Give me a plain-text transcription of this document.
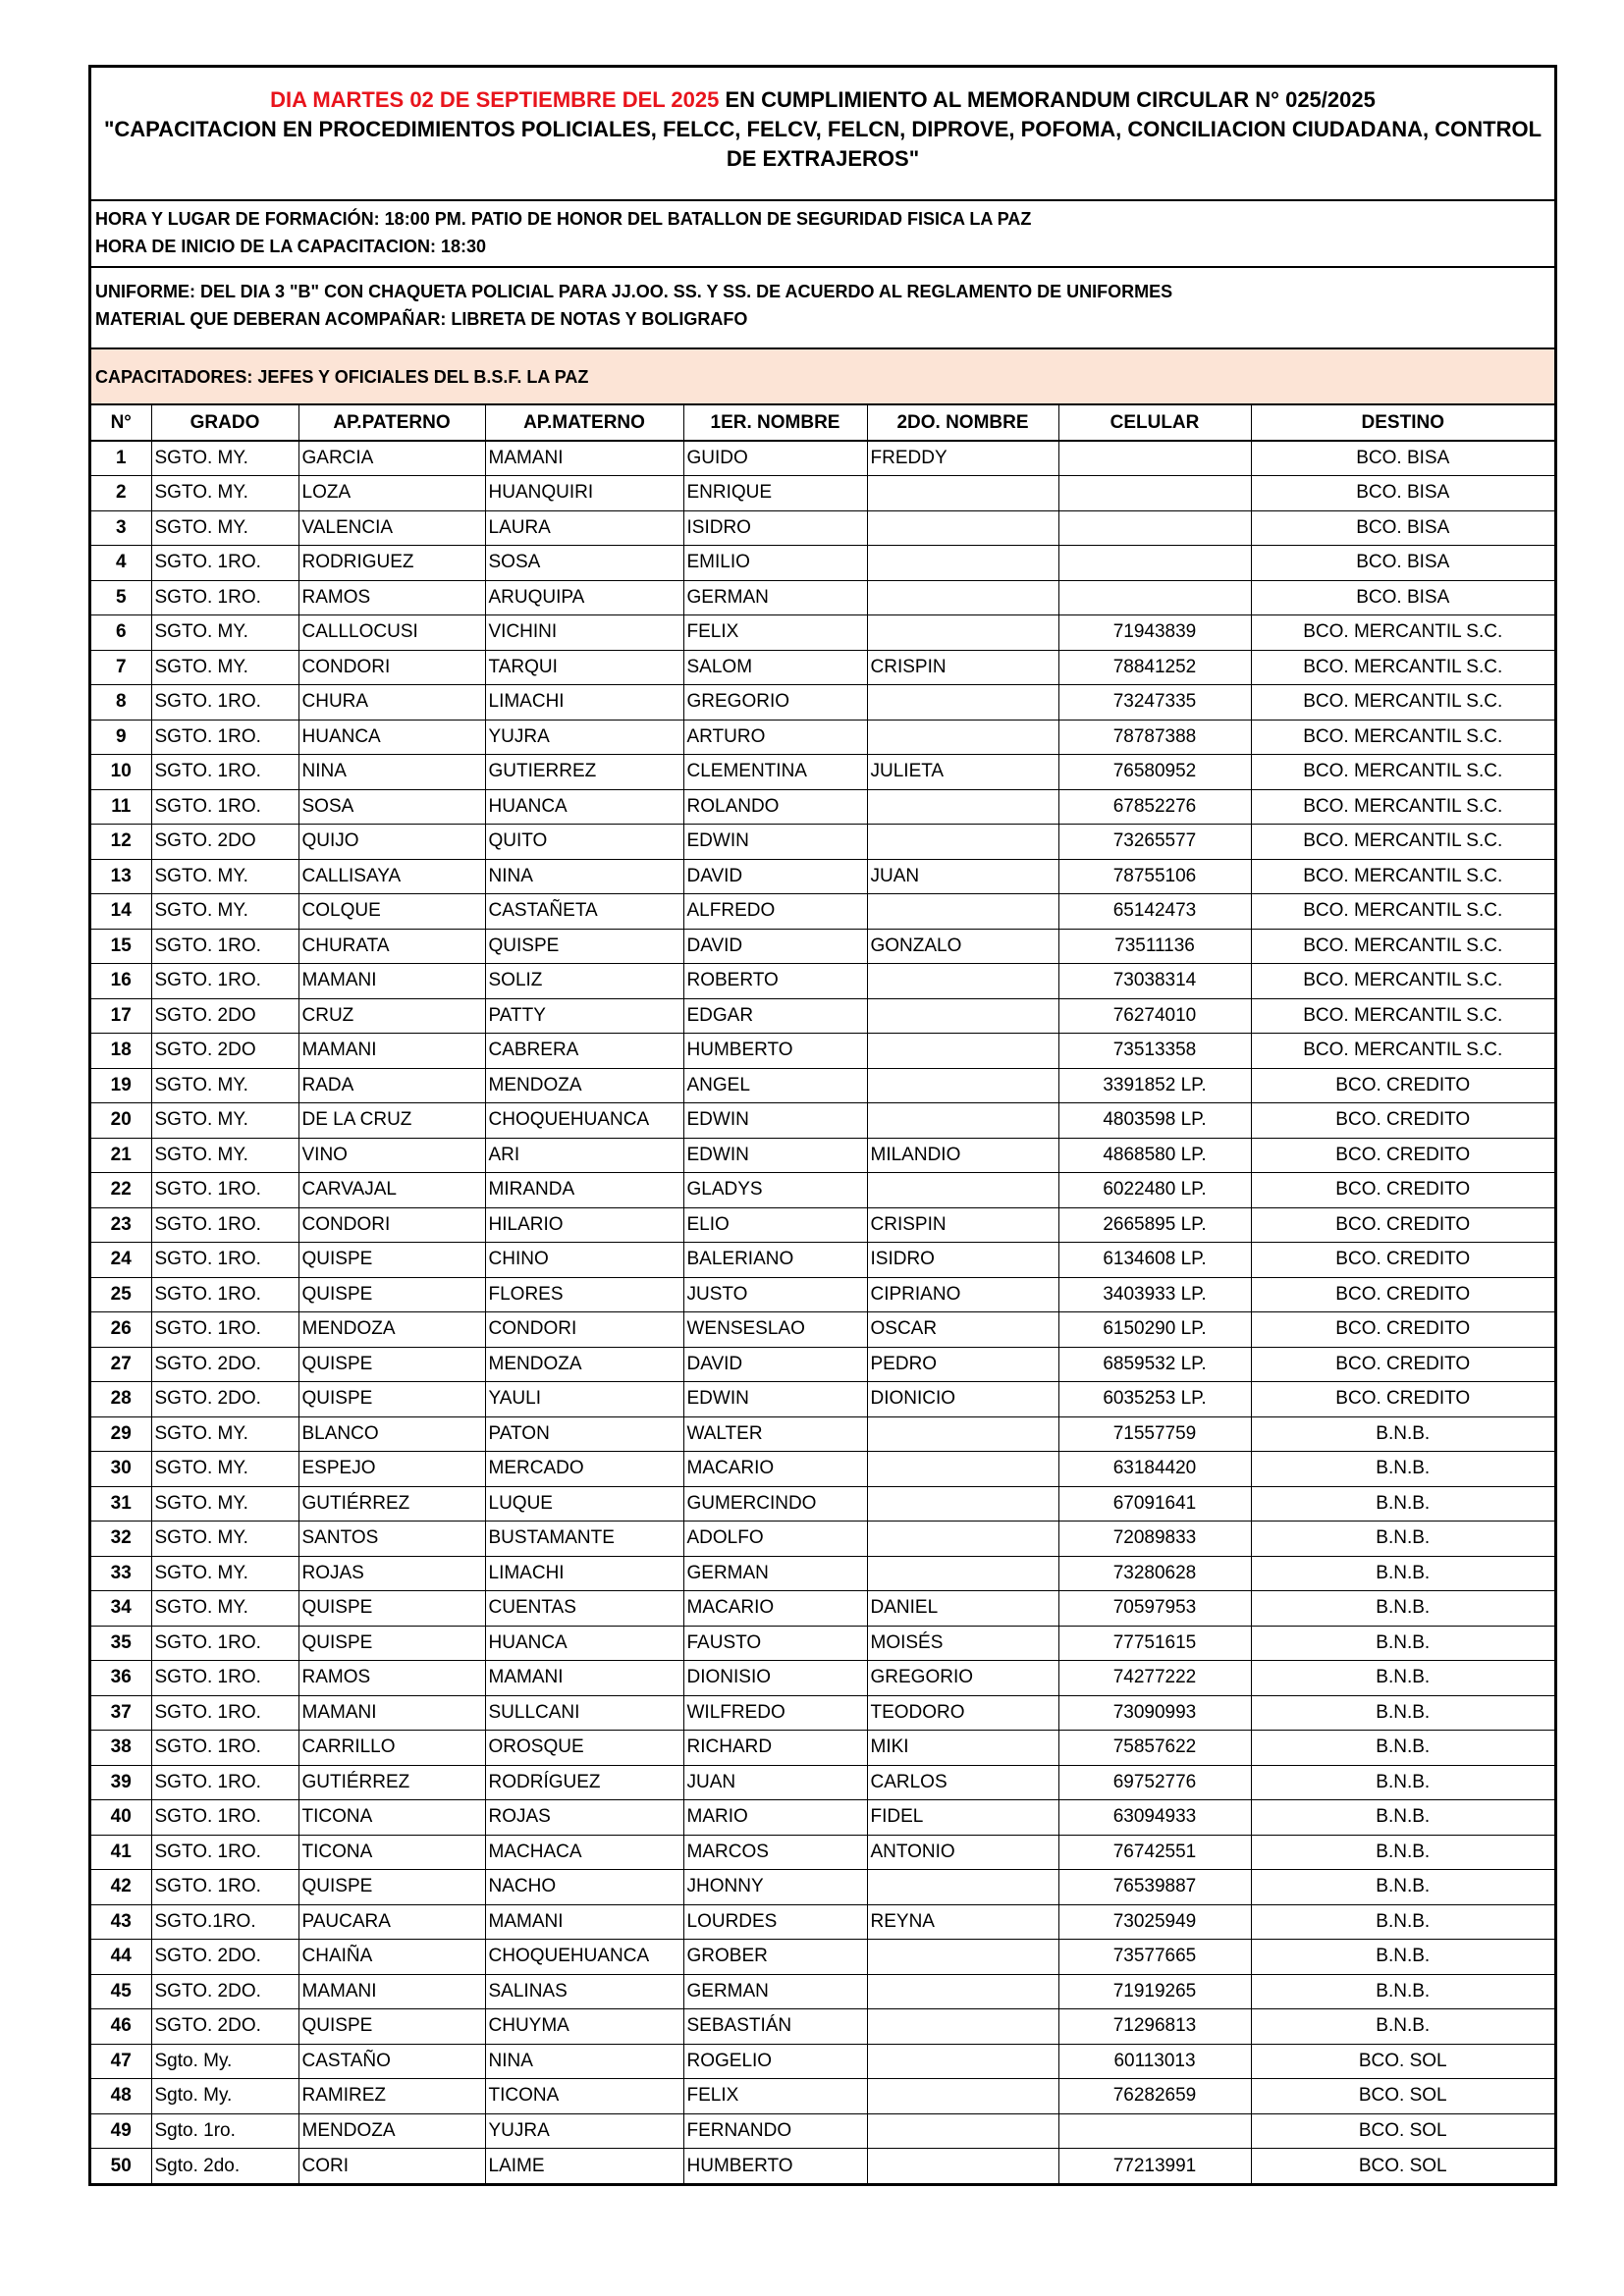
DIA MARTES 02 DE SEPTIEMBRE DEL 2025 EN CUMPLIMIENTO AL MEMORANDUM CIRCULAR N° 025/2025
"CAPACITACION EN PROCEDIMIENTOS POLICIALES, FELCC, FELCV, FELCN, DIPROVE, POFOMA, CONCILIACION CIUDADANA, CONTROL
DE EXTRAJEROS"
HORA Y LUGAR DE FORMACIÓN: 18:00 PM. PATIO DE HONOR DEL BATALLON DE SEGURIDAD FISICA LA PAZ
HORA DE INICIO DE LA CAPACITACION: 18:30
UNIFORME: DEL DIA 3 "B" CON CHAQUETA POLICIAL PARA JJ.OO. SS. Y SS. DE ACUERDO AL REGLAMENTO DE UNIFORMES
MATERIAL QUE DEBERAN ACOMPAÑAR: LIBRETA DE NOTAS Y BOLIGRAFO
CAPACITADORES: JEFES Y OFICIALES DEL B.S.F. LA PAZ
N°	GRADO	AP.PATERNO	AP.MATERNO	1ER. NOMBRE	2DO. NOMBRE	CELULAR	DESTINO
1	SGTO. MY.	GARCIA	MAMANI	GUIDO	FREDDY		BCO. BISA
2	SGTO. MY.	LOZA	HUANQUIRI	ENRIQUE			BCO. BISA
3	SGTO. MY.	VALENCIA	LAURA	ISIDRO			BCO. BISA
4	SGTO. 1RO.	RODRIGUEZ	SOSA	EMILIO			BCO. BISA
5	SGTO. 1RO.	RAMOS	ARUQUIPA	GERMAN			BCO. BISA
6	SGTO. MY.	CALLLOCUSI	VICHINI	FELIX		71943839	BCO. MERCANTIL S.C.
7	SGTO. MY.	CONDORI	TARQUI	SALOM	CRISPIN	78841252	BCO. MERCANTIL S.C.
8	SGTO. 1RO.	CHURA	LIMACHI	GREGORIO		73247335	BCO. MERCANTIL S.C.
9	SGTO. 1RO.	HUANCA	YUJRA	ARTURO		78787388	BCO. MERCANTIL S.C.
10	SGTO. 1RO.	NINA	GUTIERREZ	CLEMENTINA	JULIETA	76580952	BCO. MERCANTIL S.C.
11	SGTO. 1RO.	SOSA	HUANCA	ROLANDO		67852276	BCO. MERCANTIL S.C.
12	SGTO. 2DO	QUIJO	QUITO	EDWIN		73265577	BCO. MERCANTIL S.C.
13	SGTO. MY.	CALLISAYA	NINA	DAVID	JUAN	78755106	BCO. MERCANTIL S.C.
14	SGTO. MY.	COLQUE	CASTAÑETA	ALFREDO		65142473	BCO. MERCANTIL S.C.
15	SGTO. 1RO.	CHURATA	QUISPE	DAVID	GONZALO	73511136	BCO. MERCANTIL S.C.
16	SGTO. 1RO.	MAMANI	SOLIZ	ROBERTO		73038314	BCO. MERCANTIL S.C.
17	SGTO. 2DO	CRUZ	PATTY	EDGAR		76274010	BCO. MERCANTIL S.C.
18	SGTO. 2DO	MAMANI	CABRERA	HUMBERTO		73513358	BCO. MERCANTIL S.C.
19	SGTO. MY.	RADA	MENDOZA	ANGEL		3391852 LP.	BCO. CREDITO
20	SGTO. MY.	DE LA CRUZ	CHOQUEHUANCA	EDWIN		4803598 LP.	BCO. CREDITO
21	SGTO. MY.	VINO	ARI	EDWIN	MILANDIO	4868580 LP.	BCO. CREDITO
22	SGTO. 1RO.	CARVAJAL	MIRANDA	GLADYS		6022480 LP.	BCO. CREDITO
23	SGTO. 1RO.	CONDORI	HILARIO	ELIO	CRISPIN	2665895 LP.	BCO. CREDITO
24	SGTO. 1RO.	QUISPE	CHINO	BALERIANO	ISIDRO	6134608 LP.	BCO. CREDITO
25	SGTO. 1RO.	QUISPE	FLORES	JUSTO	CIPRIANO	3403933 LP.	BCO. CREDITO
26	SGTO. 1RO.	MENDOZA	CONDORI	WENSESLAO	OSCAR	6150290 LP.	BCO. CREDITO
27	SGTO. 2DO.	QUISPE	MENDOZA	DAVID	PEDRO	6859532 LP.	BCO. CREDITO
28	SGTO. 2DO.	QUISPE	YAULI	EDWIN	DIONICIO	6035253 LP.	BCO. CREDITO
29	SGTO. MY.	BLANCO	PATON	WALTER		71557759	B.N.B.
30	SGTO. MY.	ESPEJO	MERCADO	MACARIO		63184420	B.N.B.
31	SGTO. MY.	GUTIÉRREZ	LUQUE	GUMERCINDO		67091641	B.N.B.
32	SGTO. MY.	SANTOS	BUSTAMANTE	ADOLFO		72089833	B.N.B.
33	SGTO. MY.	ROJAS	LIMACHI	GERMAN		73280628	B.N.B.
34	SGTO. MY.	QUISPE	CUENTAS	MACARIO	DANIEL	70597953	B.N.B.
35	SGTO. 1RO.	QUISPE	HUANCA	FAUSTO	MOISÉS	77751615	B.N.B.
36	SGTO. 1RO.	RAMOS	MAMANI	DIONISIO	GREGORIO	74277222	B.N.B.
37	SGTO. 1RO.	MAMANI	SULLCANI	WILFREDO	TEODORO	73090993	B.N.B.
38	SGTO. 1RO.	CARRILLO	OROSQUE	RICHARD	MIKI	75857622	B.N.B.
39	SGTO. 1RO.	GUTIÉRREZ	RODRÍGUEZ	JUAN	CARLOS	69752776	B.N.B.
40	SGTO. 1RO.	TICONA	ROJAS	MARIO	FIDEL	63094933	B.N.B.
41	SGTO. 1RO.	TICONA	MACHACA	MARCOS	ANTONIO	76742551	B.N.B.
42	SGTO. 1RO.	QUISPE	NACHO	JHONNY		76539887	B.N.B.
43	SGTO.1RO.	PAUCARA	MAMANI	LOURDES	REYNA	73025949	B.N.B.
44	SGTO. 2DO.	CHAIÑA	CHOQUEHUANCA	GROBER		73577665	B.N.B.
45	SGTO. 2DO.	MAMANI	SALINAS	GERMAN		71919265	B.N.B.
46	SGTO. 2DO.	QUISPE	CHUYMA	SEBASTIÁN		71296813	B.N.B.
47	Sgto. My.	CASTAÑO	NINA	ROGELIO		60113013	BCO. SOL
48	Sgto. My.	RAMIREZ	TICONA	FELIX		76282659	BCO. SOL
49	Sgto. 1ro.	MENDOZA	YUJRA	FERNANDO			BCO. SOL
50	Sgto. 2do.	CORI	LAIME	HUMBERTO		77213991	BCO. SOL
